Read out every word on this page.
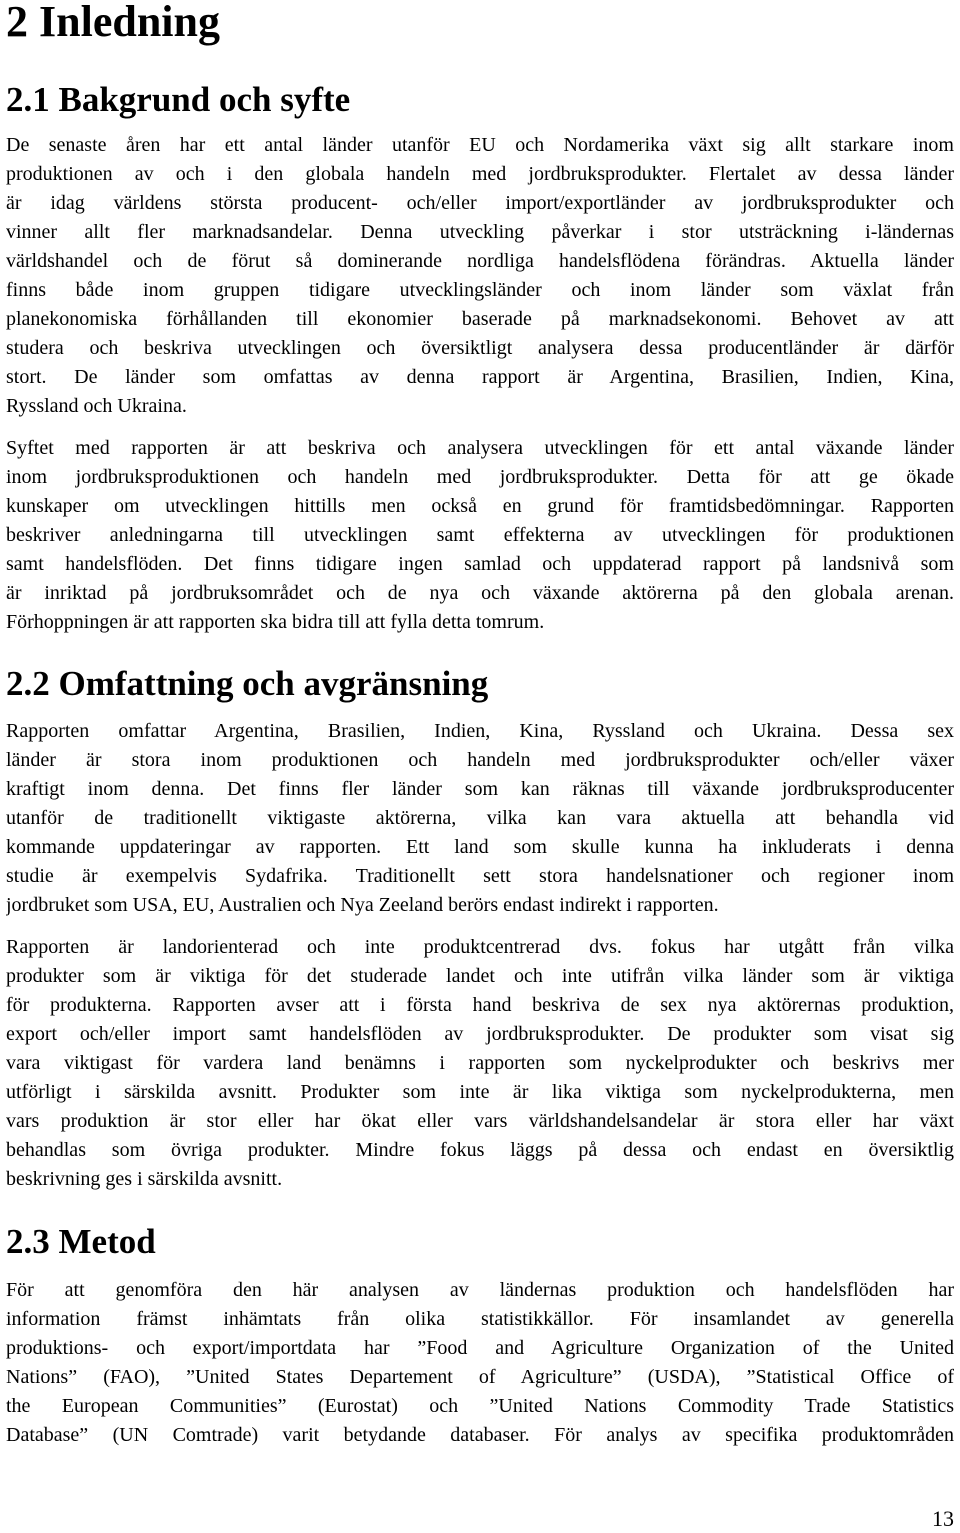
2 Inledning
2.1 Bakgrund och syfte
De senaste åren har ett antal länder utanför EU och Nordamerika växt sig allt starkare inom
produktionen av och i den globala handeln med jordbruksprodukter. Flertalet av dessa länder
är idag världens största producent- och/eller import/exportländer av jordbruksprodukter och
vinner allt fler marknadsandelar. Denna utveckling påverkar i stor utsträckning i-ländernas
världshandel och de förut så dominerande nordliga handelsflödena förändras. Aktuella länder
finns både inom gruppen tidigare utvecklingsländer och inom länder som växlat från
planekonomiska förhållanden till ekonomier baserade på marknadsekonomi. Behovet av att
studera och beskriva utvecklingen och översiktligt analysera dessa producentländer är därför
stort. De länder som omfattas av denna rapport är Argentina, Brasilien, Indien, Kina,
Ryssland och Ukraina.
Syftet med rapporten är att beskriva och analysera utvecklingen för ett antal växande länder
inom jordbruksproduktionen och handeln med jordbruksprodukter. Detta för att ge ökade
kunskaper om utvecklingen hittills men också en grund för framtidsbedömningar. Rapporten
beskriver anledningarna till utvecklingen samt effekterna av utvecklingen för produktionen
samt handelsflöden. Det finns tidigare ingen samlad och uppdaterad rapport på landsnivå som
är inriktad på jordbruksområdet och de nya och växande aktörerna på den globala arenan.
Förhoppningen är att rapporten ska bidra till att fylla detta tomrum.
2.2 Omfattning och avgränsning
Rapporten omfattar Argentina, Brasilien, Indien, Kina, Ryssland och Ukraina. Dessa sex
länder är stora inom produktionen och handeln med jordbruksprodukter och/eller växer
kraftigt inom denna. Det finns fler länder som kan räknas till växande jordbruksproducenter
utanför de traditionellt viktigaste aktörerna, vilka kan vara aktuella att behandla vid
kommande uppdateringar av rapporten. Ett land som skulle kunna ha inkluderats i denna
studie är exempelvis Sydafrika. Traditionellt sett stora handelsnationer och regioner inom
jordbruket som USA, EU, Australien och Nya Zeeland berörs endast indirekt i rapporten.
Rapporten är landorienterad och inte produktcentrerad dvs. fokus har utgått från vilka
produkter som är viktiga för det studerade landet och inte utifrån vilka länder som är viktiga
för produkterna. Rapporten avser att i första hand beskriva de sex nya aktörernas produktion,
export och/eller import samt handelsflöden av jordbruksprodukter. De produkter som visat sig
vara viktigast för vardera land benämns i rapporten som nyckelprodukter och beskrivs mer
utförligt i särskilda avsnitt. Produkter som inte är lika viktiga som nyckelprodukterna, men
vars produktion är stor eller har ökat eller vars världshandelsandelar är stora eller har växt
behandlas som övriga produkter. Mindre fokus läggs på dessa och endast en översiktlig
beskrivning ges i särskilda avsnitt.
2.3 Metod
För att genomföra den här analysen av ländernas produktion och handelsflöden har
information främst inhämtats från olika statistikkällor. För insamlandet av generella
produktions- och export/importdata har ”Food and Agriculture Organization of the United
Nations” (FAO), ”United States Departement of Agriculture” (USDA), ”Statistical Office of
the European Communities” (Eurostat) och ”United Nations Commodity Trade Statistics
Database” (UN Comtrade) varit betydande databaser. För analys av specifika produktområden
13
